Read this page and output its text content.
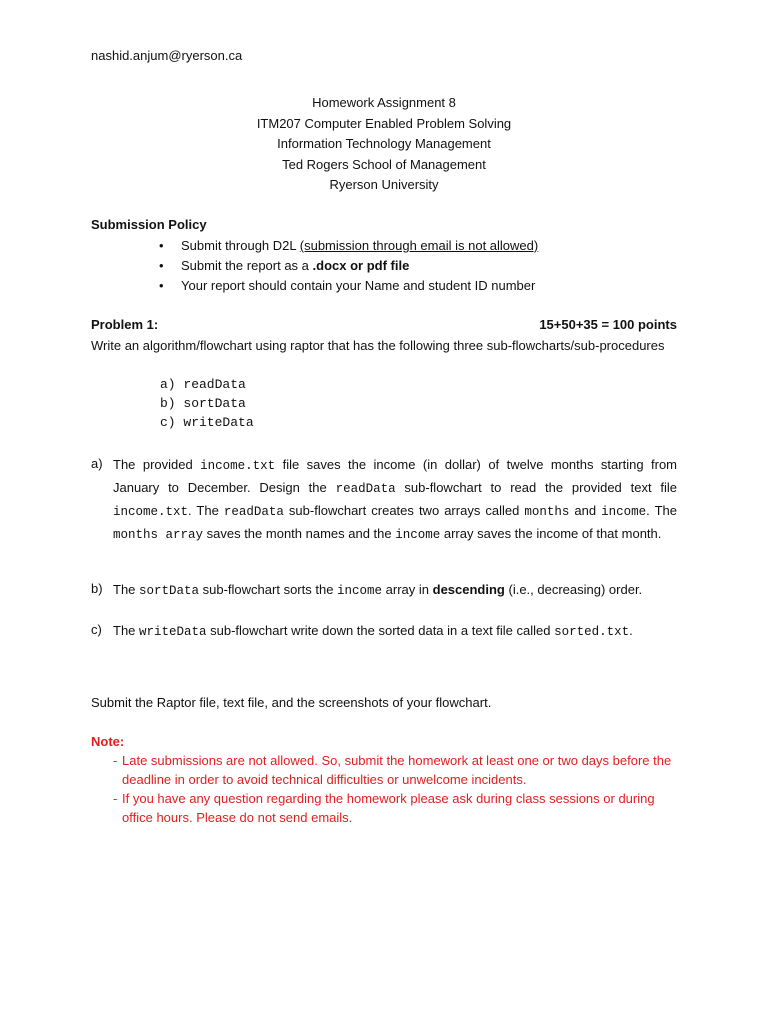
nashid.anjum@ryerson.ca
Homework Assignment 8
ITM207 Computer Enabled Problem Solving
Information Technology Management
Ted Rogers School of Management
Ryerson University
Submission Policy
• Submit through D2L (submission through email is not allowed)
• Submit the report as a .docx or pdf file
• Your report should contain your Name and student ID number
Problem 1:	15+50+35 = 100 points
Write an algorithm/flowchart using raptor that has the following three sub-flowcharts/sub-procedures
a) readData
b) sortData
c) writeData
a) The provided income.txt file saves the income (in dollar) of twelve months starting from January to December. Design the readData sub-flowchart to read the provided text file income.txt. The readData sub-flowchart creates two arrays called months and income. The months array saves the month names and the income array saves the income of that month.
b) The sortData sub-flowchart sorts the income array in descending (i.e., decreasing) order.
c) The writeData sub-flowchart write down the sorted data in a text file called sorted.txt.
Submit the Raptor file, text file, and the screenshots of your flowchart.
Note:
- Late submissions are not allowed. So, submit the homework at least one or two days before the deadline in order to avoid technical difficulties or unwelcome incidents.
- If you have any question regarding the homework please ask during class sessions or during office hours. Please do not send emails.
